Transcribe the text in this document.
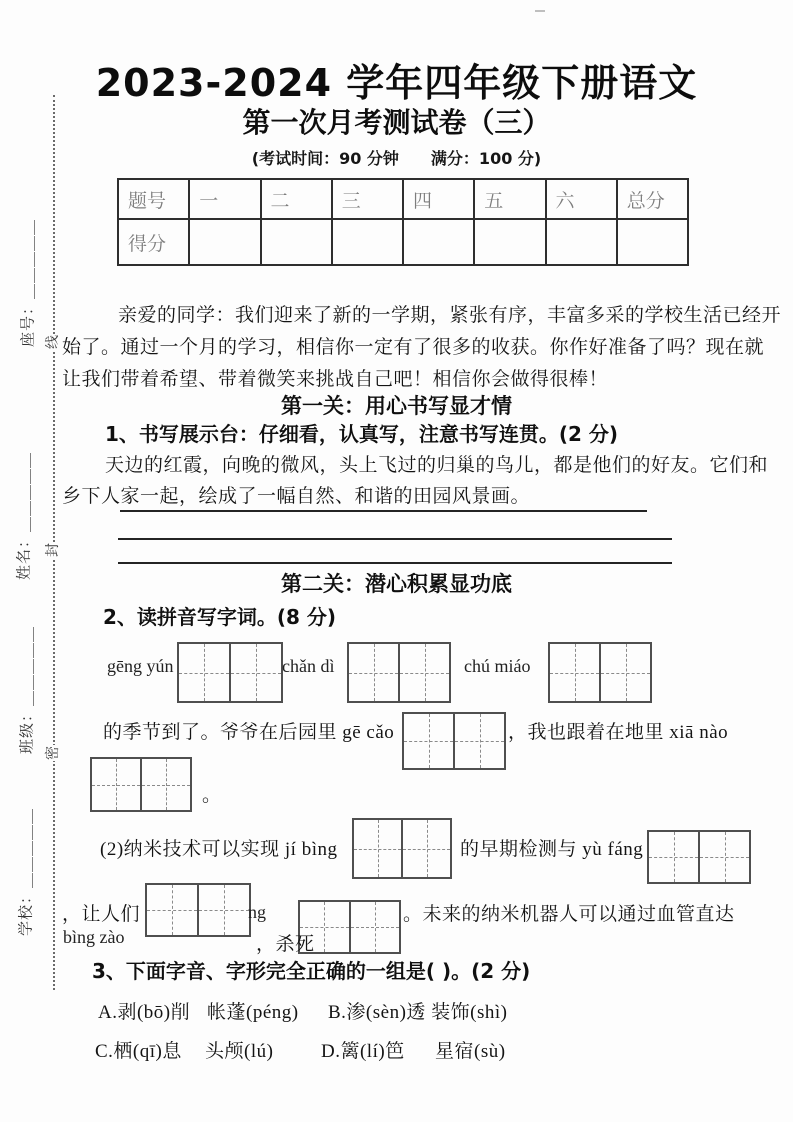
线
封
密
座号：＿＿＿＿＿
姓名：＿＿＿＿＿
班级：＿＿＿＿＿
学校：＿＿＿＿＿
2023-2024 学年四年级下册语文
第一次月考测试卷（三）
(考试时间：90 分钟　　满分：100 分)
题号	一	二	三	四	五	六	总分
得分							
亲爱的同学：我们迎来了新的一学期，紧张有序，丰富多采的学校生活已经开
始了。通过一个月的学习，相信你一定有了很多的收获。你作好准备了吗？现在就
让我们带着希望、带着微笑来挑战自己吧！相信你会做得很棒！
第一关：用心书写显才情
1、书写展示台：仔细看，认真写，注意书写连贯。(2 分)
天边的红霞，向晚的微风，头上飞过的归巢的鸟儿，都是他们的好友。它们和
乡下人家一起，绘成了一幅自然、和谐的田园风景画。
第二关：潜心积累显功底
2、读拼音写字词。(8 分)
gēng yún	chǎn dì	chú miáo
的季节到了。爷爷在后园里 gē cǎo	，我也跟着在地里 xiā nào
。
(2)纳米技术可以实现 jí bìng	的早期检测与 yù fáng
，让人们	ng	。未来的纳米机器人可以通过血管直达
bìng zào	，杀死
3、下面字音、字形完全正确的一组是( )。(2 分)
A.剥(bō)削 帐蓬(péng) B.渗(sèn)透 装饰(shì)
C.栖(qī)息 头颅(lú)	D.篱(lí)笆 星宿(sù)
